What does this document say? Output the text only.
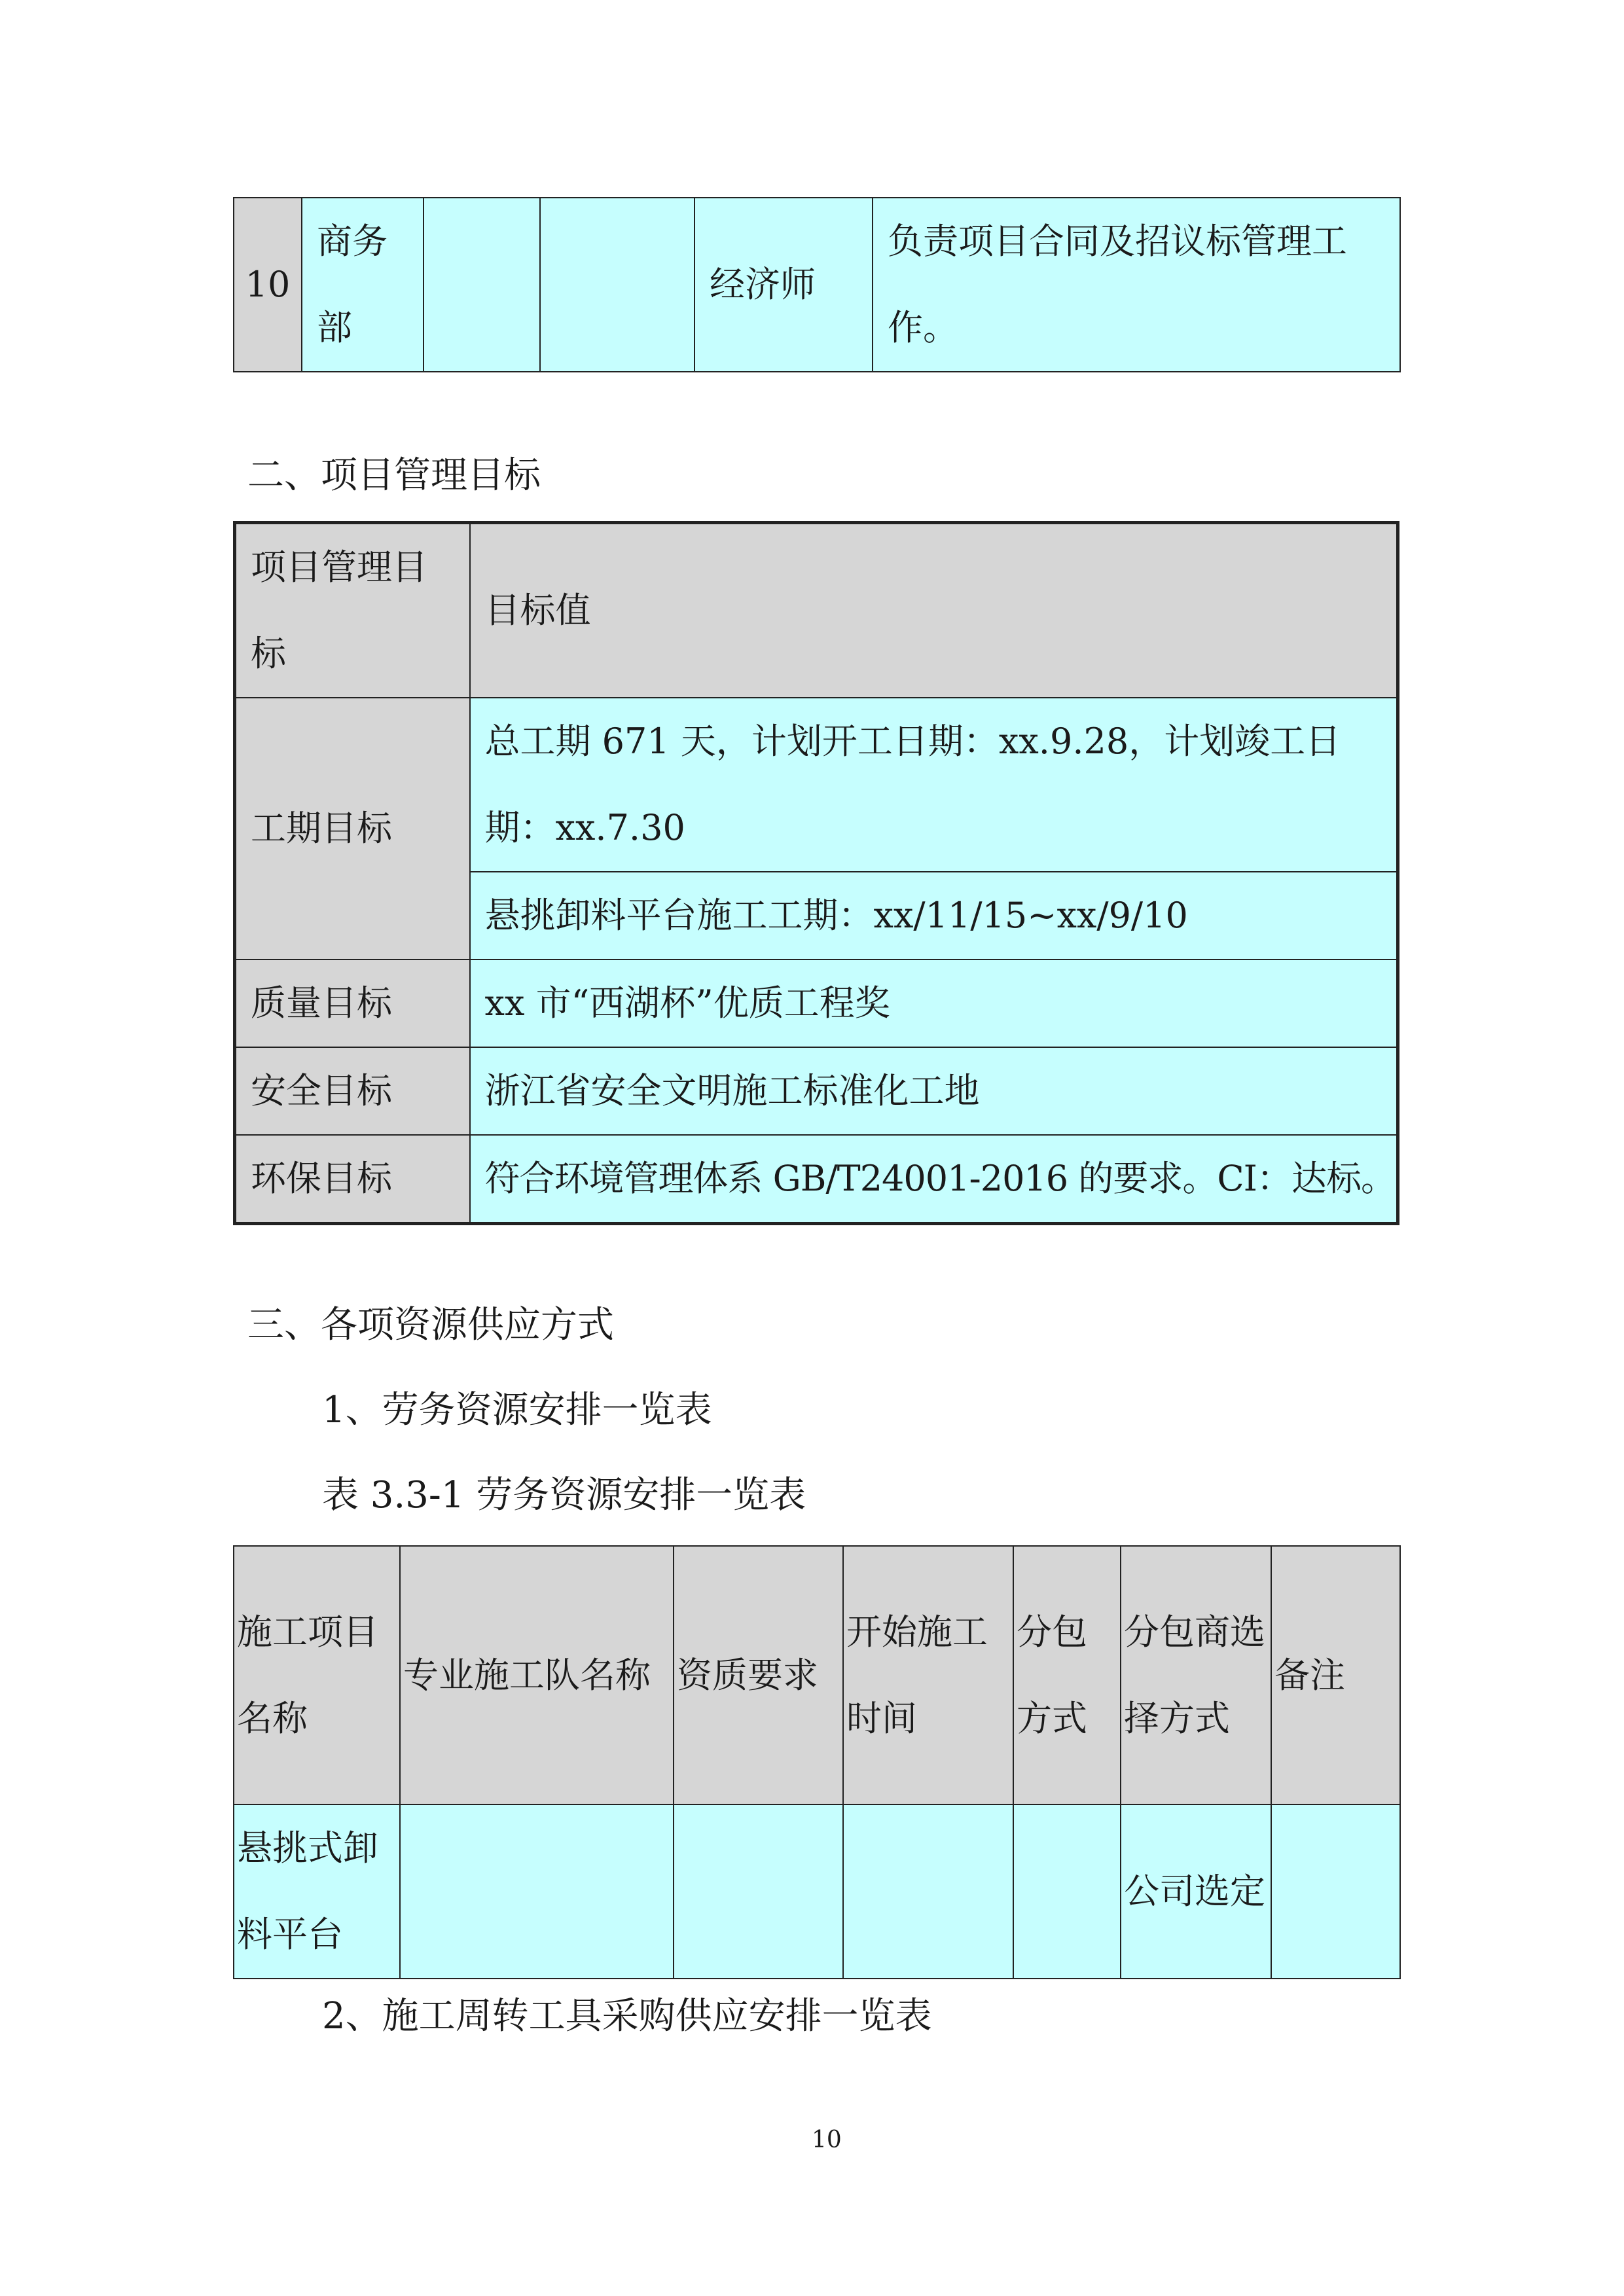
10	商务部			经济师	负责项目合同及招议标管理工作。
二、项目管理目标
项目管理目标	目标值
工期目标	总工期 671 天，计划开工日期：xx.9.28，计划竣工日期：xx.7.30
	悬挑卸料平台施工工期：xx/11/15~xx/9/10
质量目标	xx 市“西湖杯”优质工程奖
安全目标	浙江省安全文明施工标准化工地
环保目标	符合环境管理体系 GB/T24001-2016 的要求。CI：达标。
三、各项资源供应方式
1、劳务资源安排一览表
表 3.3-1 劳务资源安排一览表
施工项目名称	专业施工队名称	资质要求	开始施工时间	分包方式	分包商选择方式	备注
悬挑式卸料平台					公司选定	
2、施工周转工具采购供应安排一览表
10
